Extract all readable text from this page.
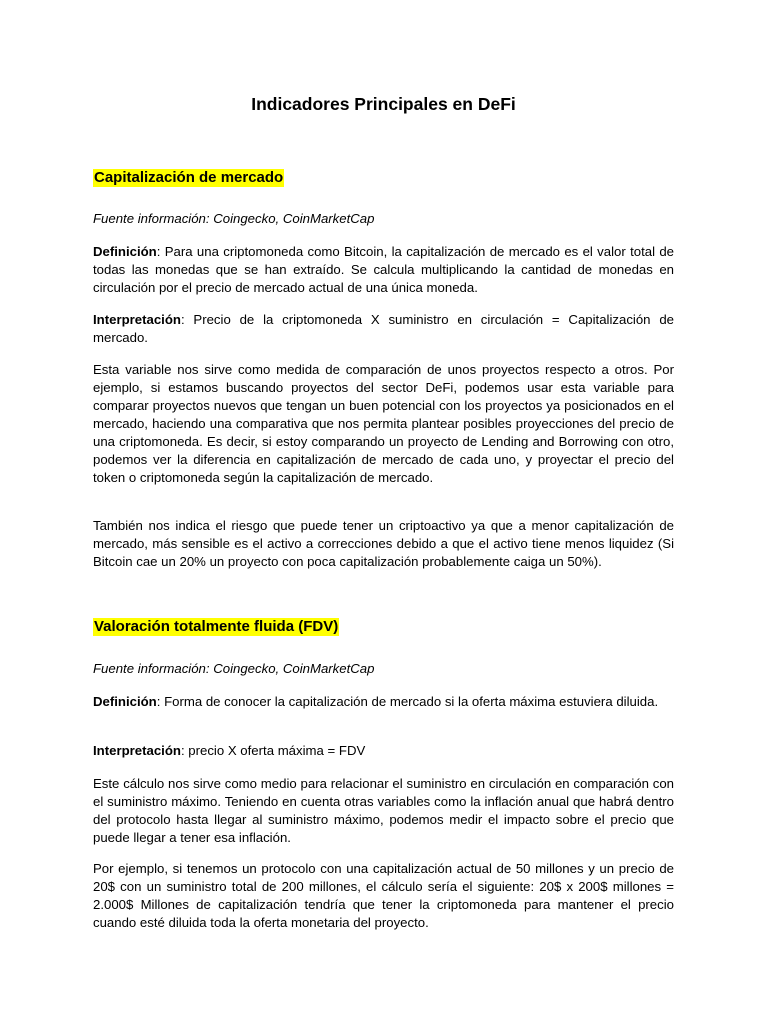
Indicadores Principales en DeFi
Capitalización de mercado

Fuente información: Coingecko, CoinMarketCap

Definición: Para una criptomoneda como Bitcoin, la capitalización de mercado es el valor total de todas las monedas que se han extraído. Se calcula multiplicando la cantidad de monedas en circulación por el precio de mercado actual de una única moneda.

Interpretación: Precio de la criptomoneda X suministro en circulación = Capitalización de mercado.

Esta variable nos sirve como medida de comparación de unos proyectos respecto a otros. Por ejemplo, si estamos buscando proyectos del sector DeFi, podemos usar esta variable para comparar proyectos nuevos que tengan un buen potencial con los proyectos ya posicionados en el mercado, haciendo una comparativa que nos permita plantear posibles proyecciones del precio de una criptomoneda. Es decir, si estoy comparando un proyecto de Lending and Borrowing con otro, podemos ver la diferencia en capitalización de mercado de cada uno, y proyectar el precio del token o criptomoneda según la capitalización de mercado.

También nos indica el riesgo que puede tener un criptoactivo ya que a menor capitalización de mercado, más sensible es el activo a correcciones debido a que el activo tiene menos liquidez (Si Bitcoin cae un 20% un proyecto con poca capitalización probablemente caiga un 50%).

Valoración totalmente fluida (FDV)

Fuente información: Coingecko, CoinMarketCap

Definición: Forma de conocer la capitalización de mercado si la oferta máxima estuviera diluida.

Interpretación: precio X oferta máxima = FDV

Este cálculo nos sirve como medio para relacionar el suministro en circulación en comparación con el suministro máximo. Teniendo en cuenta otras variables como la inflación anual que habrá dentro del protocolo hasta llegar al suministro máximo, podemos medir el impacto sobre el precio que puede llegar a tener esa inflación.

Por ejemplo, si tenemos un protocolo con una capitalización actual de 50 millones y un precio de 20$ con un suministro total de 200 millones, el cálculo sería el siguiente: 20$ x 200$ millones = 2.000$ Millones de capitalización tendría que tener la criptomoneda para mantener el precio cuando esté diluida toda la oferta monetaria del proyecto.
